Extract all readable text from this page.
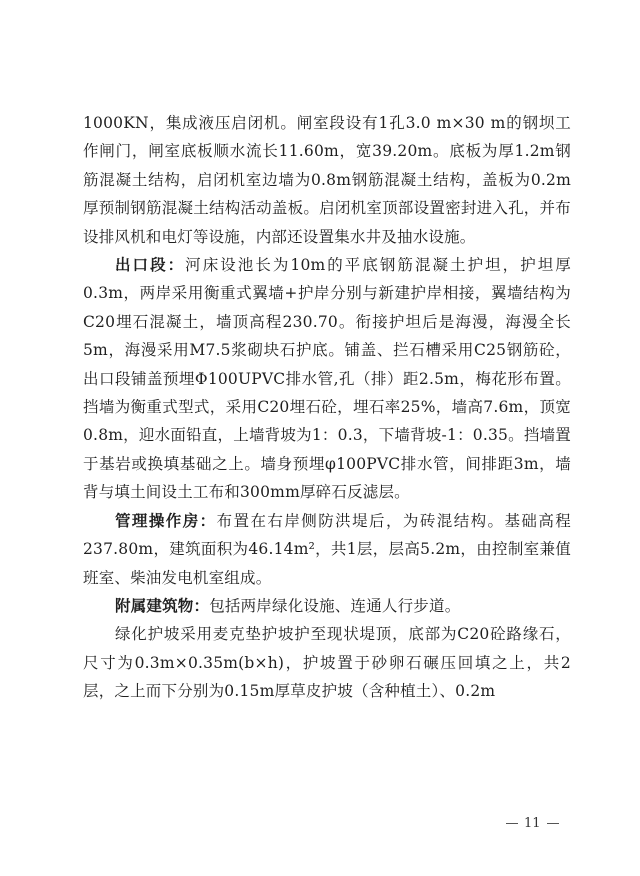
1000KN，集成液压启闭机。闸室段设有1孔3.0 m×30 m的钢坝工作闸门，闸室底板顺水流长11.60m，宽39.20m。底板为厚1.2m钢筋混凝土结构，启闭机室边墙为0.8m钢筋混凝土结构，盖板为0.2m厚预制钢筋混凝土结构活动盖板。启闭机室顶部设置密封进入孔，并布设排风机和电灯等设施，内部还设置集水井及抽水设施。

出口段：河床设池长为10m的平底钢筋混凝土护坦，护坦厚0.3m，两岸采用衡重式翼墙+护岸分别与新建护岸相接，翼墙结构为C20埋石混凝土，墙顶高程230.70。衔接护坦后是海漫，海漫全长5m，海漫采用M7.5浆砌块石护底。铺盖、拦石槽采用C25钢筋砼，出口段铺盖预埋Φ100UPVC排水管,孔（排）距2.5m，梅花形布置。挡墙为衡重式型式，采用C20埋石砼，埋石率25%，墙高7.6m，顶宽0.8m，迎水面铅直，上墙背坡为1：0.3，下墙背坡-1：0.35。挡墙置于基岩或换填基础之上。墙身预埋φ100PVC排水管，间排距3m，墙背与填土间设土工布和300mm厚碎石反滤层。

管理操作房：布置在右岸侧防洪堤后，为砖混结构。基础高程237.80m，建筑面积为46.14m²，共1层，层高5.2m，由控制室兼值班室、柴油发电机室组成。

附属建筑物：包括两岸绿化设施、连通人行步道。

绿化护坡采用麦克垫护坡护至现状堤顶，底部为C20砼路缘石，尺寸为0.3m×0.35m(b×h)，护坡置于砂卵石碾压回填之上，共2层，之上而下分别为0.15m厚草皮护坡（含种植土）、0.2m

11
